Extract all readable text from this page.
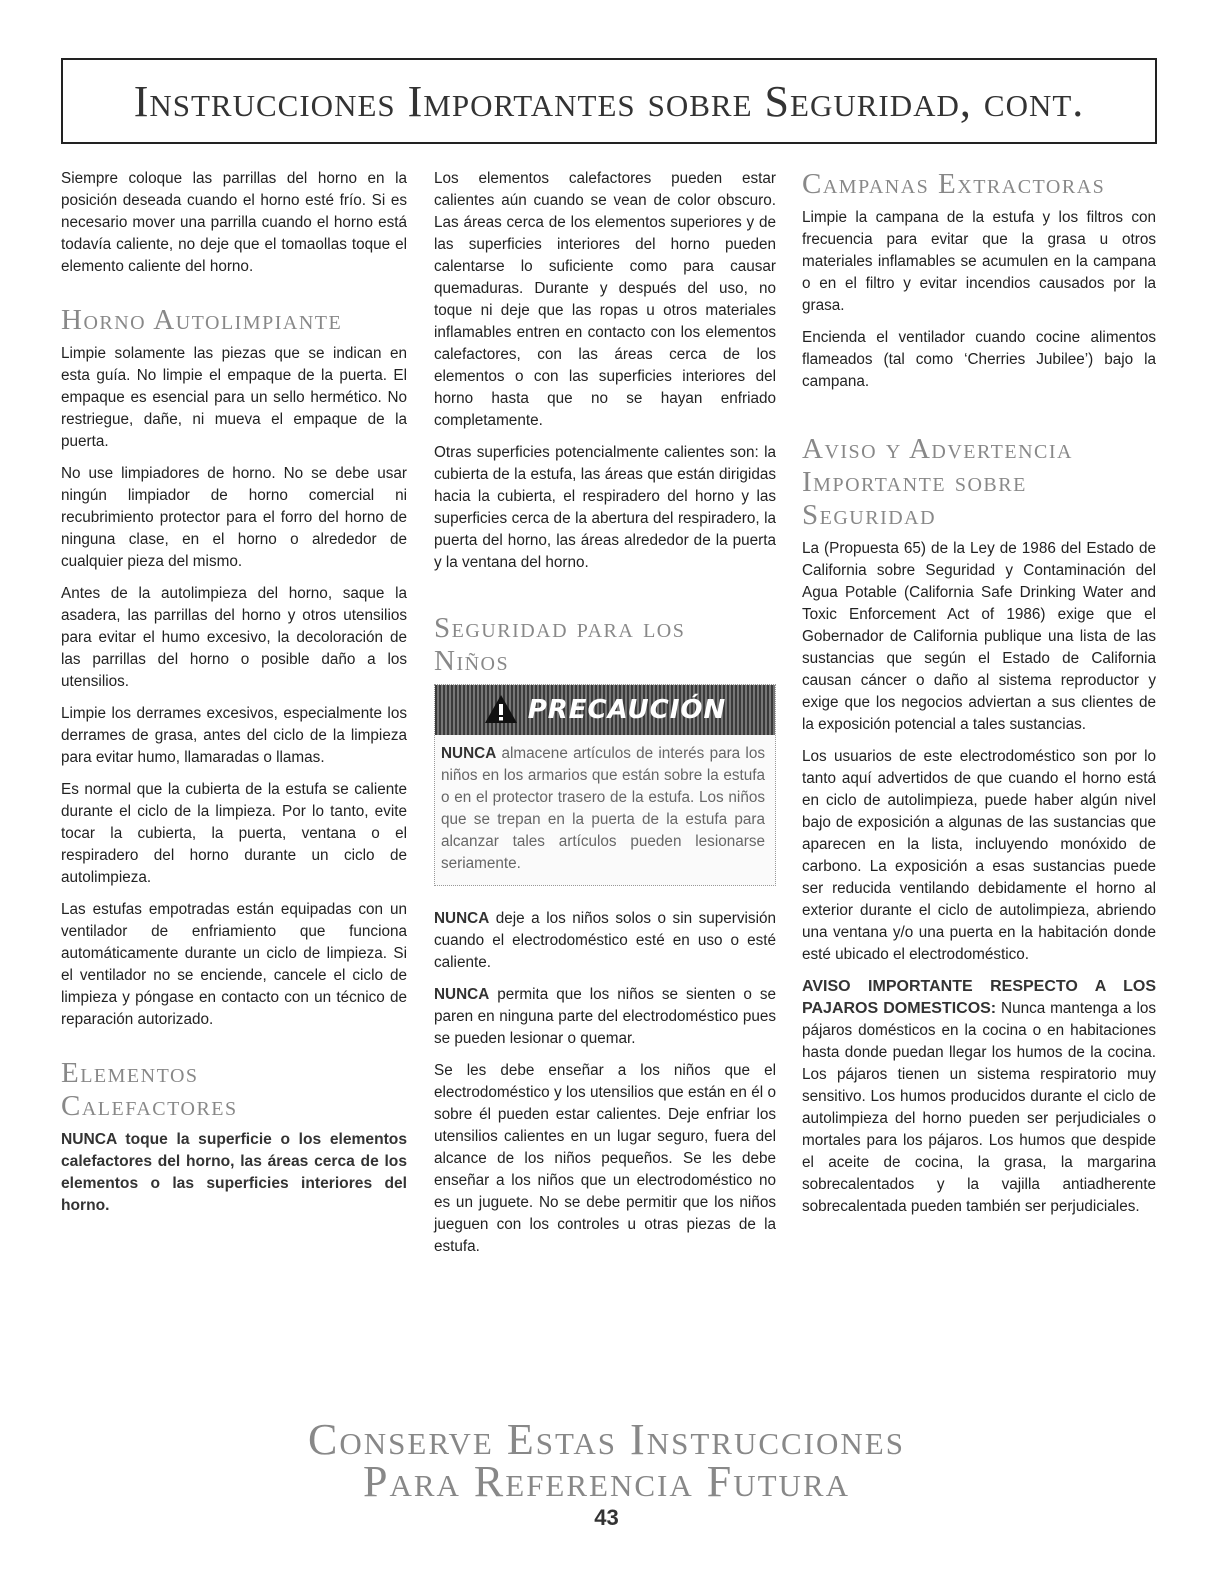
Instrucciones Importantes sobre Seguridad, cont.

Siempre coloque las parrillas del horno en la posición deseada cuando el horno esté frío. Si es necesario mover una parrilla cuando el horno está todavía caliente, no deje que el tomaollas toque el elemento caliente del horno.

Horno Autolimpiante

Limpie solamente las piezas que se indican en esta guía. No limpie el empaque de la puerta. El empaque es esencial para un sello hermético. No restriegue, dañe, ni mueva el empaque de la puerta.

No use limpiadores de horno. No se debe usar ningún limpiador de horno comercial ni recubrimiento protector para el forro del horno de ninguna clase, en el horno o alrededor de cualquier pieza del mismo.

Antes de la autolimpieza del horno, saque la asadera, las parrillas del horno y otros utensilios para evitar el humo excesivo, la decoloración de las parrillas del horno o posible daño a los utensilios.

Limpie los derrames excesivos, especialmente los derrames de grasa, antes del ciclo de la limpieza para evitar humo, llamaradas o llamas.

Es normal que la cubierta de la estufa se caliente durante el ciclo de la limpieza. Por lo tanto, evite tocar la cubierta, la puerta, ventana o el respiradero del horno durante un ciclo de autolimpieza.

Las estufas empotradas están equipadas con un ventilador de enfriamiento que funciona automáticamente durante un ciclo de limpieza. Si el ventilador no se enciende, cancele el ciclo de limpieza y póngase en contacto con un técnico de reparación autorizado.

Elementos
Calefactores

NUNCA toque la superficie o los elementos calefactores del horno, las áreas cerca de los elementos o las superficies interiores del horno.

Los elementos calefactores pueden estar calientes aún cuando se vean de color obscuro. Las áreas cerca de los elementos superiores y de las superficies interiores del horno pueden calentarse lo suficiente como para causar quemaduras. Durante y después del uso, no toque ni deje que las ropas u otros materiales inflamables entren en contacto con los elementos calefactores, con las áreas cerca de los elementos o con las superficies interiores del horno hasta que no se hayan enfriado completamente.

Otras superficies potencialmente calientes son: la cubierta de la estufa, las áreas que están dirigidas hacia la cubierta, el respiradero del horno y las superficies cerca de la abertura del respiradero, la puerta del horno, las áreas alrededor de la puerta y la ventana del horno.

Seguridad para los
Niños
PRECAUCIÓN
NUNCA almacene artículos de interés para los niños en los armarios que están sobre la estufa o en el protector trasero de la estufa. Los niños que se trepan en la puerta de la estufa para alcanzar tales artículos pueden lesionarse seriamente.

NUNCA deje a los niños solos o sin supervisión cuando el electrodoméstico esté en uso o esté caliente.

NUNCA permita que los niños se sienten o se paren en ninguna parte del electrodoméstico pues se pueden lesionar o quemar.

Se les debe enseñar a los niños que el electrodoméstico y los utensilios que están en él o sobre él pueden estar calientes. Deje enfriar los utensilios calientes en un lugar seguro, fuera del alcance de los niños pequeños. Se les debe enseñar a los niños que un electrodoméstico no es un juguete. No se debe permitir que los niños jueguen con los controles u otras piezas de la estufa.

Campanas Extractoras

Limpie la campana de la estufa y los filtros con frecuencia para evitar que la grasa u otros materiales inflamables se acumulen en la campana o en el filtro y evitar incendios causados por la grasa.

Encienda el ventilador cuando cocine alimentos flameados (tal como ‘Cherries Jubilee’) bajo la campana.

Aviso y Advertencia
Importante sobre
Seguridad

La (Propuesta 65) de la Ley de 1986 del Estado de California sobre Seguridad y Contaminación del Agua Potable (California Safe Drinking Water and Toxic Enforcement Act of 1986) exige que el Gobernador de California publique una lista de las sustancias que según el Estado de California causan cáncer o daño al sistema reproductor y exige que los negocios adviertan a sus clientes de la exposición potencial a tales sustancias.

Los usuarios de este electrodoméstico son por lo tanto aquí advertidos de que cuando el horno está en ciclo de autolimpieza, puede haber algún nivel bajo de exposición a algunas de las sustancias que aparecen en la lista, incluyendo monóxido de carbono. La exposición a esas sustancias puede ser reducida ventilando debidamente el horno al exterior durante el ciclo de autolimpieza, abriendo una ventana y/o una puerta en la habitación donde esté ubicado el electrodoméstico.

AVISO IMPORTANTE RESPECTO A LOS PAJAROS DOMESTICOS: Nunca mantenga a los pájaros domésticos en la cocina o en habitaciones hasta donde puedan llegar los humos de la cocina. Los pájaros tienen un sistema respiratorio muy sensitivo. Los humos producidos durante el ciclo de autolimpieza del horno pueden ser perjudiciales o mortales para los pájaros. Los humos que despide el aceite de cocina, la grasa, la margarina sobrecalentados y la vajilla antiadherente sobrecalentada pueden también ser perjudiciales.

Conserve Estas Instrucciones
Para Referencia Futura
43
